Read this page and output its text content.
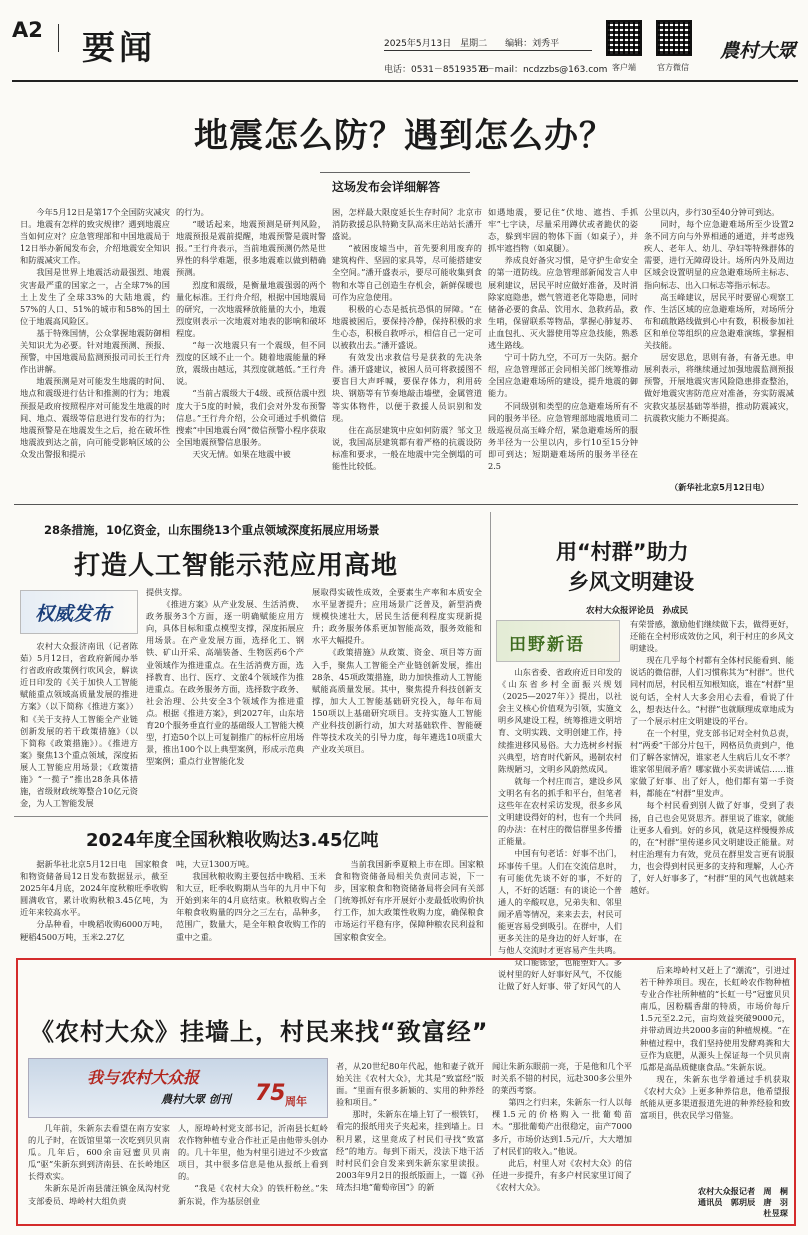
A2 要闻	2025年5月13日　星期二　　编辑：刘秀平
电话：0531－85193576
E－mail：ncdzzbs@163.com 客户端	官方微信
農村大眾
地震怎么防？遇到怎么办？
这场发布会详细解答

今年5月12日是第17个全国防灾减灾日。地震有怎样的致灾规律？遇到地震应当如何应对？应急管理部和中国地震局于12日举办新闻发布会，介绍地震安全知识和防震减灾工作。

我国是世界上地震活动最强烈、地震灾害最严重的国家之一，占全球7%的国土上发生了全球33%的大陆地震，约57%的人口、51%的城市和58%的国土位于地震高风险区。

基于特殊国情，公众掌握地震防御相关知识尤为必要。针对地震预测、预报、预警，中国地震局监测预报司司长王行舟作出讲解。

地震预测是对可能发生地震的时间、地点和震级进行估计和推测的行为；地震预报是政府按照程序对可能发生地震的时间、地点、震级等信息进行发布的行为；地震预警是在地震发生之后，抢在破坏性地震波到达之前，向可能受影响区域的公众发出警报和提示

的行为。

“暖话起来，地震预测是研判风险，地震预报是震前提醒，地震预警是震时警报。”王行舟表示，当前地震预测仍然是世界性的科学难题，很多地震难以做到精确预测。

烈度和震级，是衡量地震强弱的两个量化标准。王行舟介绍，根据中国地震局的研究，一次地震释放能量的大小，地震烈度则表示一次地震对地表的影响和破坏程度。

“每一次地震只有一个震级，但不同烈度的区域不止一个。随着地震能量的释放，震级由越远，其烈度就越低。”王行舟说。

“当前占震级大于4级、或预估震中烈度大于5度的时候，我们会对外发布预警信息。”王行舟介绍，公众可通过手机微信搜索“中国地震台网”微信预警小程序获取全国地震预警信息服务。

天灾无情。如果在地震中被

困，怎样最大限度延长生存时间？北京市消防救援总队特勤支队高米庄站站长潘开盛说。

“被困废墟当中，首先要利用废弃的建筑构件、坚固的家具等，尽可能搭建安全空间。”潘开盛表示，要尽可能收集到食物和水等自己创造生存机会，新鲜保暖也可作为应急使用。

积极的心态是抵抗恐惧的屏障。“在地震被困后，要保持冷静，保持积极的求生心态，积极自救呼示，相信自己一定可以被救出去。”潘开盛说。

有效发出求救信号是获救的先决条件。潘开盛建议，被困人员可将救援图不要盲目大声呼喊，要保存体力，利用砖块、钢筋等有节奏地敲击墙壁，金属管道等实体物件，以便于救援人员识别和发现。

住在高层建筑中应如何防震？邹文卫说，我国高层建筑都有着严格的抗震设防标准和要求，一般在地震中完全倒塌的可能性比较低。

如遇地震，要记住“伏地、遮挡、手抓牢”七字诀，尽量采用蹲伏或者跪伏的姿态，躲到牢固的物体下面（如桌子），并抓牢遮挡物（如桌腿）。

养成良好备灾习惯，是守护生命安全的第一道防线。应急管理部新闻发言人申展利建议，居民平时应做好准备，及时消除家庭隐患，燃气管道老化等隐患，同时储备必要的食品、饮用水、急救药品，救生哨，保留联系等物品，掌握心肺复苏、止血包扎、灭火器使用等应急技能，熟悉逃生路线。

宁可十防九空，不可万一失防。据介绍，应急管理部正会同相关部门统筹推动全国应急避难场所的建设，提升地震的御能力。

不同级别和类型的应急避难场所有不同的服务半径。应急管理部地震地质司二级巡视员高玉峰介绍，紧急避难场所的服务半径为一公里以内，步行10至15分钟即可到达；短期避难场所的服务半径在2.5

公里以内，步行30至40分钟可到达。

同时，每个应急避难场所至少设置2条不同方向与外界相通的通道，并考虑残疾人、老年人、幼儿、孕妇等特殊群体的需要，进行无障碍设计。场所内外及周边区域会设置明显的应急避难场所主标志、指向标志、出入口标志等指示标志。

高玉峰建议，居民平时要留心观察工作、生活区域的应急避难场所，对场所分布和疏散路线做到心中有数，积极参加社区和单位等组织的应急避难演练，掌握相关技能。

居安思危，思则有备，有备无患。申展利表示，将继续通过加强地震监测预报预警，开展地震灾害风险隐患排查整治，做好地震灾害防范应对准备，夯实防震减灾救灾基层基础等举措，推动防震减灾，抗震救灾能力不断提高。

（新华社北京5月12日电）
28条措施，10亿资金，山东围绕13个重点领域深度拓展应用场景
打造人工智能示范应用高地
权威发布

农村大众报济南讯（记者陈茹）5月12日，省政府新闻办举行省政府政策例行吹风会，解读近日印发的《关于加快人工智能赋能重点领域高质量发展的推进方案》（以下简称《推进方案》）和《关于支持人工智能全产业链创新发展的若干政策措施》（以下简称《政策措施》）。《推进方案》聚焦13个重点领域，深度拓展人工智能应用场景；《政策措施》“一揽子”推出28条具体措施，省级财政统筹整合10亿元资金，为人工智能发展

提供支撑。

《推进方案》从产业发展、生活消费、政务服务3个方面，逐一明确赋能应用方向，具体目标和重点模型支撑，深度拓展应用场景。在产业发展方面，选择化工、钢铁、矿山开采、高端装备、生物医药6个产业领域作为推进重点。在生活消费方面，选择教育、出行、医疗、文旅4个领域作为推进重点。在政务服务方面，选择数字政务、社会治理、公共安全3个领域作为推进重点。根据《推进方案》，到2027年，山东培育20个服务垂直行业的基础级人工智能大模型，打造50个以上可复制推广的标杆应用场景，推出100个以上典型案例，形成示范典型案例；重点行业智能化发

展取得实破性成效，全要素生产率和本质安全水平显著提升；应用场景广泛普及，新型消费规模快速壮大，居民生活便利程度实现新提升；政务服务体系更加智能高效，服务效能和水平大幅提升。

《政策措施》从政策、资金、项目等方面入手，聚焦人工智能全产业链创新发展，推出28条、45项政策措施，助力加快推动人工智能赋能高质量发展。其中，聚焦提升科技创新支撑，加大人工智能基础研究投入，每年布局150项以上基础研究项目。支持实施人工智能产业科技创新行动，加大对基础软件、智能硬件等技术攻关的引导力度，每年遴选10项重大产业攻关项目。

2024年度全国秋粮收购达3.45亿吨

据新华社北京5月12日电　国家粮食和物资储备局12日发布数据显示，截至2025年4月底，2024年度秋粮旺季收购圆满收官，累计收购秋粮3.45亿吨，为近年来较高水平。

分品种看，中晚稻收购6000万吨，粳稻4500万吨，玉米2.27亿

吨，大豆1300万吨。

我国秋粮收购主要包括中晚稻、玉米和大豆，旺季收购期从当年的九月中下旬开始到来年的4月底结束。秋粮收购占全年粮食收购量的四分之三左右，品种多，范围广，数量大，是全年粮食收购工作的重中之重。

当前我国新季夏粮上市在即。国家粮食和物资储备局相关负责同志说，下一步，国家粮食和物资储备局将会同有关部门统筹抓好有序开展好小麦最低收购价执行工作，加大政策性收购力度，确保粮食市场运行平稳有序，保障种粮农民利益和国家粮食安全。

用“村群”助力
乡风文明建设
农村大众报评论员　孙成民
田野新语

山东省委、省政府近日印发的《山东省乡村全面振兴规划（2025—2027年）》提出，以社会主义核心价值观为引领，实施文明乡风建设工程，统筹推进文明培育、文明实践、文明创建工作，持续推进移风易俗。大力选树乡村振兴典型，培育时代新风，遏制农村陈规陋习，文明乡风蔚然成风。

就每一个村庄而言，建设乡风文明名有名的抓手和平台，但笔者这些年在农村采访发现，很多乡风文明建设得好的村，也有一个共同的办法：在村庄的微信群里多传播正能量。

中国有句老话：好事不出门，坏事传千里。人们在交流信息时，有可能优先谈不好的事，不好的人，不好的话题：有的谈论一个普通人的辛酸叹息，兄弟失和、邻里闹矛盾等情况，来来去去，村民可能更容易受到吸引。在群中，人们更多关注的是身边的好人好事，在与他人交流时才更容易产生共鸣。

众口能铄金，也能塑好人。多说村里的好人好事好风气，不仅能让做了好人好事、带了好风气的人

有荣誉感，激励他们继续做下去，做得更好，还能在全村形成效仿之风，利于村庄的乡风文明建设。

现在几乎每个村都有全体村民能看到、能说话的微信群，人们习惯称其为“村群”。世代同村而居，村民相互知根知底，谁在“村群”里说句话，全村人大多会用心去看，看说了什么，想表达什么。“村群”也就顺理成章地成为了一个展示村庄文明建设的平台。

在一个村里，党支部书记对全村负总责，村“两委”干部分片包干，网格员负责到户，他们了解各家情况，谁家老人生病后儿女不孝？谁家邻里闹矛盾？哪家做小买卖讲诚信……谁家做了好事、出了好人，他们都有第一手资料，都能在“村群”里发声。

每个村民看到别人做了好事，受到了表扬，自己也会见贤思齐。群里说了谁家，就能让更多人看到。好的乡风，就是这样慢慢养成的，在“村群”里传递乡风文明建设正能量。对村庄治理有力有效，党员在群里发言更有说服力，也会得到村民更多的支持和理解，人心齐了，好人好事多了，“村群”里的风气也就越来越好。

《农村大众》挂墙上，村民来找“致富经”
我与农村大众报
農村大眾 创刊 75 周年

几年前，朱新东去看望在南方安家的儿子时，在饭馆里第一次吃到贝贝南瓜。几年后，600余亩冠蜜贝贝南瓜“驱”朱新东到到济南县、在长岭地区长得欢实。

朱新东是沂南县蒲汪镇金凤沟村党支部委员、埠岭村大组负责

人，原埠岭村党支部书记，沂南县长虹岭农作物种植专业合作社正是由他带头创办的。几十年里，他为村里引进过不少致富项目，其中很多信息是他从报纸上看到的。

“我是《农村大众》的铁杆粉丝。”朱新东说，作为基层创业

者，从20世纪80年代起，他和妻子就开始关注《农村大众》，尤其是“致富经”版面。“里面有很多新颖的、实用的种养经验和项目。”

那时，朱新东在墙上钉了一根铁钉，看完的报纸用夹子夹起来，挂到墙上。日积月累，这里竟成了村民们寻找“致富经”的地方。每到下雨天，没法下地干活时村民们会自发来到朱新东家里读报。2003年9月2日的报纸版面上，一篇《孙琦杰扫地“葡萄帝国”》的新

闻让朱新东眼前一亮，于是他和几个平时关系不错的村民，远赴300多公里外的莱西考察。

第四之行归来，朱新东一行人以每棵1.5元的价格购入一批葡萄苗木。“那批葡萄产出很稳定，亩产7000多斤，市场价达到1.5元/斤，大大增加了村民们的收入。”他说。

此后，村里人对《农村大众》的信任进一步提升，有多户村民家里订阅了《农村大众》。

后来埠岭村又赶上了“潮流”，引进过若干种养项目。现在，长虹岭农作物种植专业合作社所种植的“长虹一号”冠蜜贝贝南瓜，因粉糯香甜的特质，市场价每斤1.5元至2.2元，亩均效益突破9000元，并带动周边共2000多亩的种植规模。“在种植过程中，我们坚持使用发酵鸡粪和大豆作为底肥，从源头上保证每一个贝贝南瓜都是高品质健康食品。”朱新东说。

现在，朱新东也学着通过手机获取《农村大众》上更多种养信息，他希望报纸能从更多渠道报道先进的种养经验和致富项目，供农民学习借鉴。

农村大众报记者　周　桐
通讯员　郭玥辰　唐　羽
杜昱琛
